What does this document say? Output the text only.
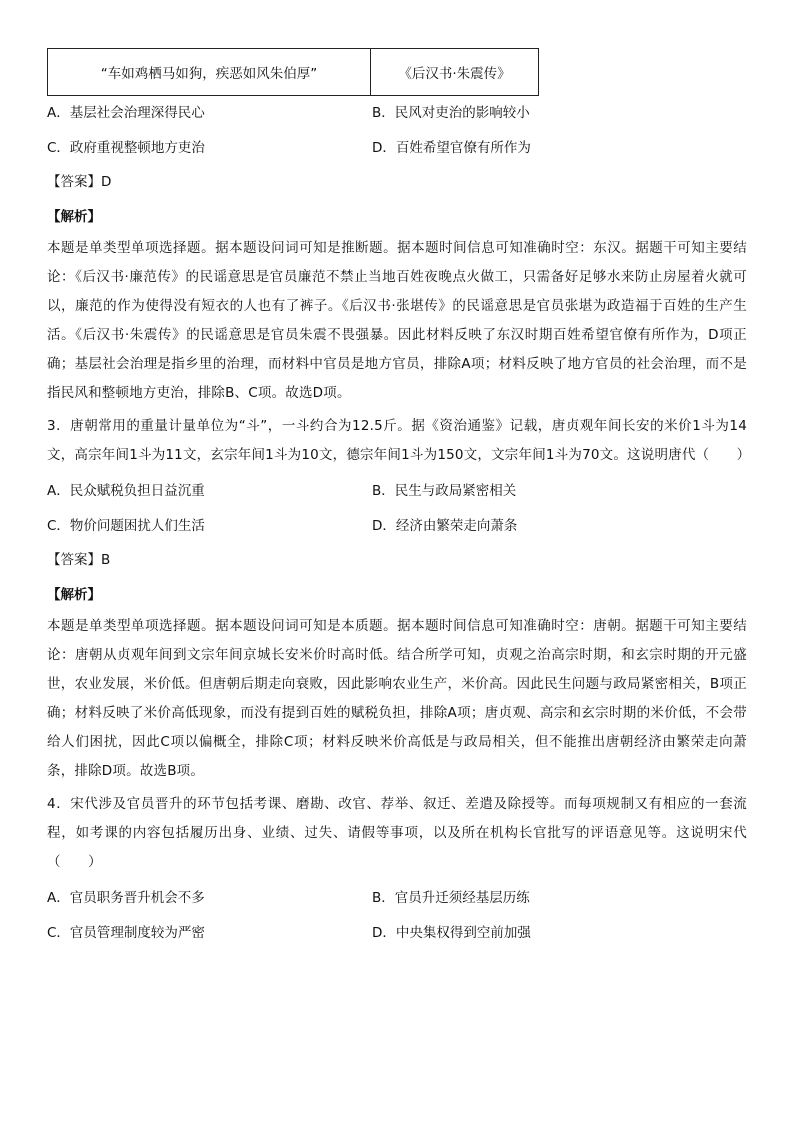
“车如鸡栖马如狗，疾恶如风朱伯厚”	《后汉书·朱震传》
A．基层社会治理深得民心	B．民风对吏治的影响较小
C．政府重视整顿地方吏治	D．百姓希望官僚有所作为
【答案】D
【解析】
本题是单类型单项选择题。据本题设问词可知是推断题。据本题时间信息可知准确时空：东汉。据题干可知主要结论：《后汉书·廉范传》的民谣意思是官员廉范不禁止当地百姓夜晚点火做工，只需备好足够水来防止房屋着火就可以，廉范的作为使得没有短衣的人也有了裤子。《后汉书·张堪传》的民谣意思是官员张堪为政造福于百姓的生产生活。《后汉书·朱震传》的民谣意思是官员朱震不畏强暴。因此材料反映了东汉时期百姓希望官僚有所作为，D项正确；基层社会治理是指乡里的治理，而材料中官员是地方官员，排除A项；材料反映了地方官员的社会治理，而不是指民风和整顿地方吏治，排除B、C项。故选D项。
3．唐朝常用的重量计量单位为“斗”，一斗约合为12.5斤。据《资治通鉴》记载，唐贞观年间长安的米价1斗为14文，高宗年间1斗为11文，玄宗年间1斗为10文，德宗年间1斗为150文，文宗年间1斗为70文。这说明唐代（　　）
A．民众赋税负担日益沉重	B．民生与政局紧密相关
C．物价问题困扰人们生活	D．经济由繁荣走向萧条
【答案】B
【解析】
本题是单类型单项选择题。据本题设问词可知是本质题。据本题时间信息可知准确时空：唐朝。据题干可知主要结论：唐朝从贞观年间到文宗年间京城长安米价时高时低。结合所学可知，贞观之治高宗时期，和玄宗时期的开元盛世，农业发展，米价低。但唐朝后期走向衰败，因此影响农业生产，米价高。因此民生问题与政局紧密相关，B项正确；材料反映了米价高低现象，而没有提到百姓的赋税负担，排除A项；唐贞观、高宗和玄宗时期的米价低，不会带给人们困扰，因此C项以偏概全，排除C项；材料反映米价高低是与政局相关，但不能推出唐朝经济由繁荣走向萧条，排除D项。故选B项。
4．宋代涉及官员晋升的环节包括考课、磨勘、改官、荐举、叙迁、差遣及除授等。而每项规制又有相应的一套流程，如考课的内容包括履历出身、业绩、过失、请假等事项，以及所在机构长官批写的评语意见等。这说明宋代（　　）
A．官员职务晋升机会不多	B．官员升迁须经基层历练
C．官员管理制度较为严密	D．中央集权得到空前加强
